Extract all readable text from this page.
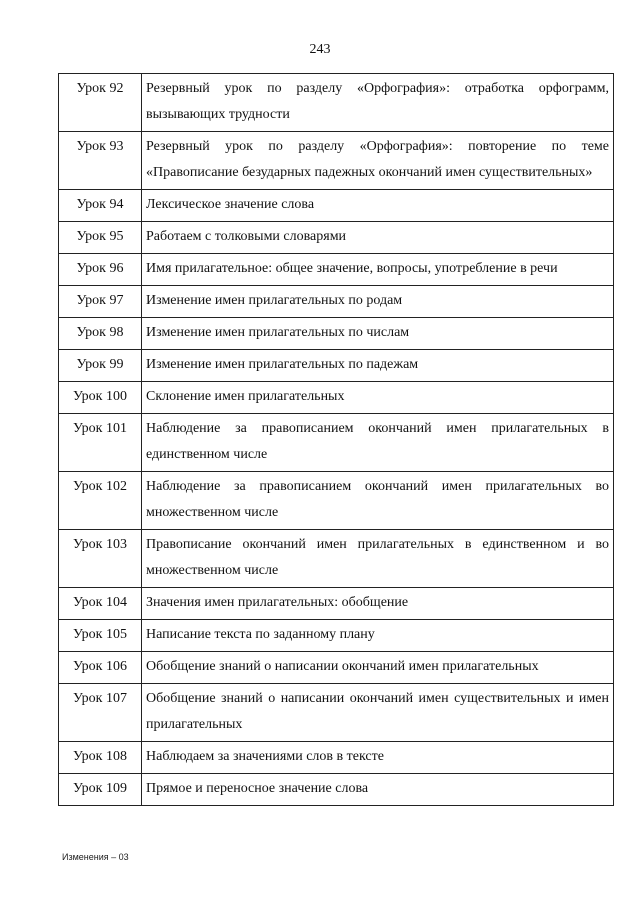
243
Урок 92	Резервный урок по разделу «Орфография»: отработка орфограмм, вызывающих трудности
Урок 93	Резервный урок по разделу «Орфография»: повторение по теме «Правописание безударных падежных окончаний имен существительных»
Урок 94	Лексическое значение слова
Урок 95	Работаем с толковыми словарями
Урок 96	Имя прилагательное: общее значение, вопросы, употребление в речи
Урок 97	Изменение имен прилагательных по родам
Урок 98	Изменение имен прилагательных по числам
Урок 99	Изменение имен прилагательных по падежам
Урок 100	Склонение имен прилагательных
Урок 101	Наблюдение за правописанием окончаний имен прилагательных в единственном числе
Урок 102	Наблюдение за правописанием окончаний имен прилагательных во множественном числе
Урок 103	Правописание окончаний имен прилагательных в единственном и во множественном числе
Урок 104	Значения имен прилагательных: обобщение
Урок 105	Написание текста по заданному плану
Урок 106	Обобщение знаний о написании окончаний имен прилагательных
Урок 107	Обобщение знаний о написании окончаний имен существительных и имен прилагательных
Урок 108	Наблюдаем за значениями слов в тексте
Урок 109	Прямое и переносное значение слова
Изменения – 03
